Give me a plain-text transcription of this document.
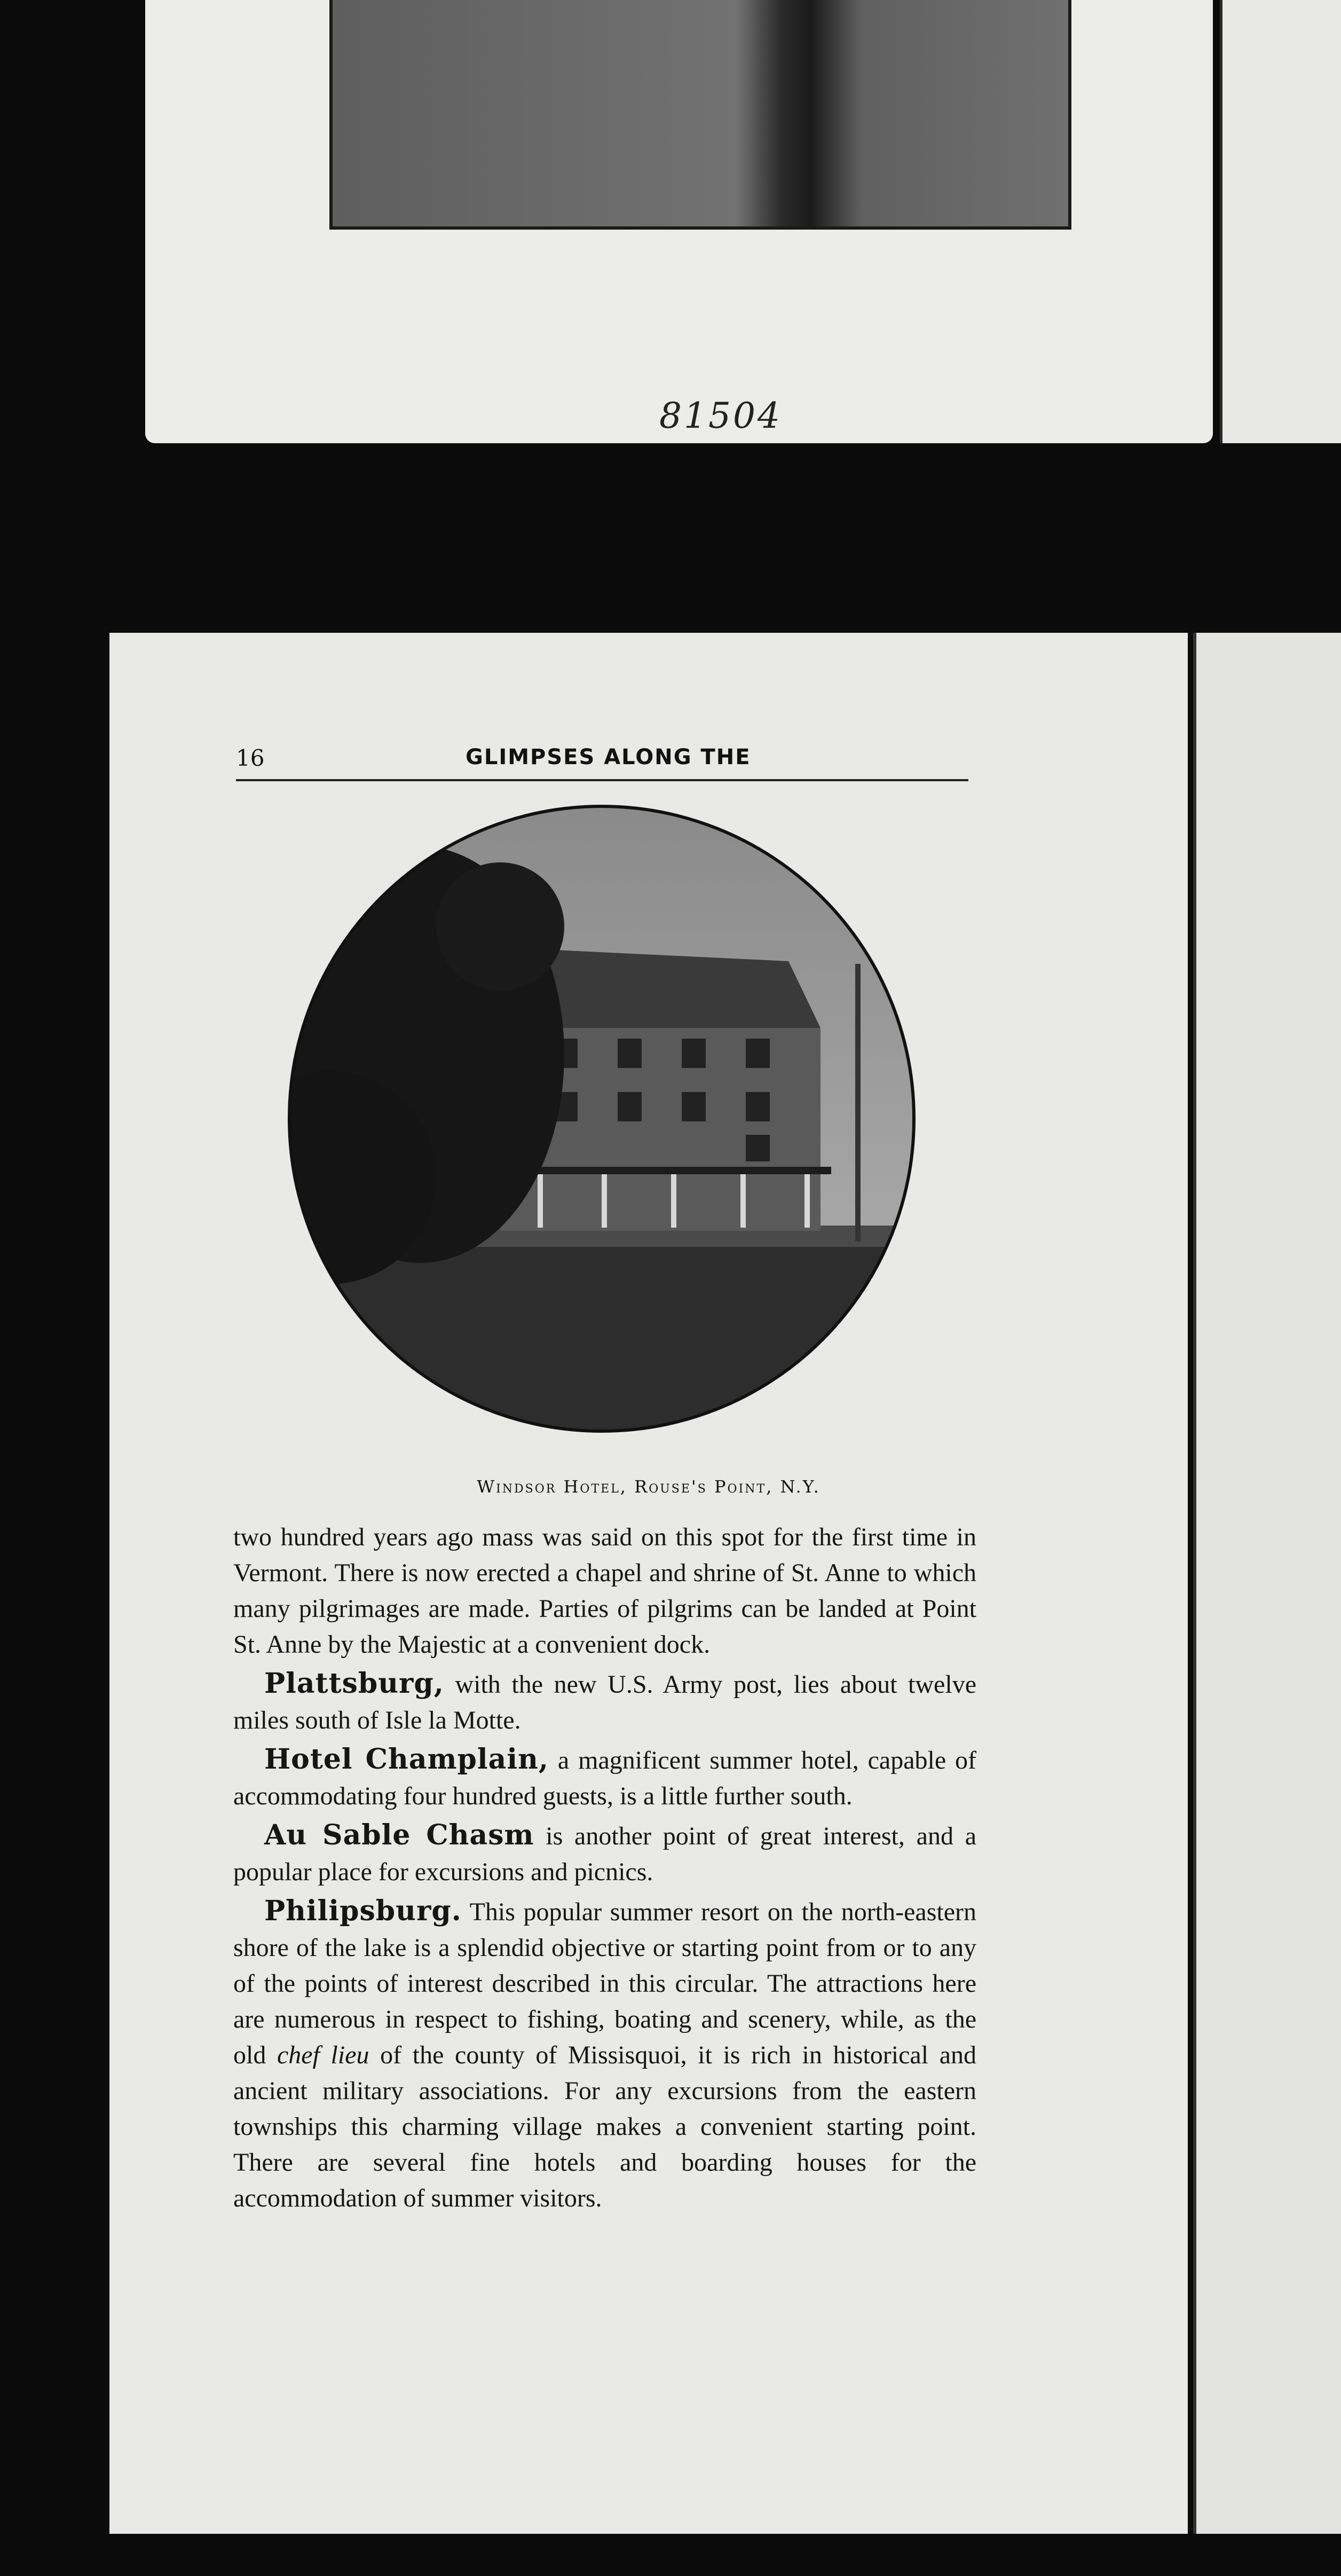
81504
16	GLIMPSES ALONG THE
Windsor Hotel, Rouse's Point, N.Y.

two hundred years ago mass was said on this spot for the first time in Vermont. There is now erected a chapel and shrine of St. Anne to which many pilgrimages are made. Parties of pilgrims can be landed at Point St. Anne by the Majestic at a convenient dock.

Plattsburg, with the new U.S. Army post, lies about twelve miles south of Isle la Motte.

Hotel Champlain, a magnificent summer hotel, capable of accommodating four hundred guests, is a little further south.

Au Sable Chasm is another point of great interest, and a popular place for excursions and picnics.

Philipsburg. This popular summer resort on the north-eastern shore of the lake is a splendid objective or starting point from or to any of the points of interest described in this circular. The attractions here are numerous in respect to fishing, boating and scenery, while, as the old chef lieu of the county of Missisquoi, it is rich in historical and ancient military associations. For any excursions from the eastern townships this charming village makes a convenient starting point. There are several fine hotels and boarding houses for the accommodation of summer visitors.
